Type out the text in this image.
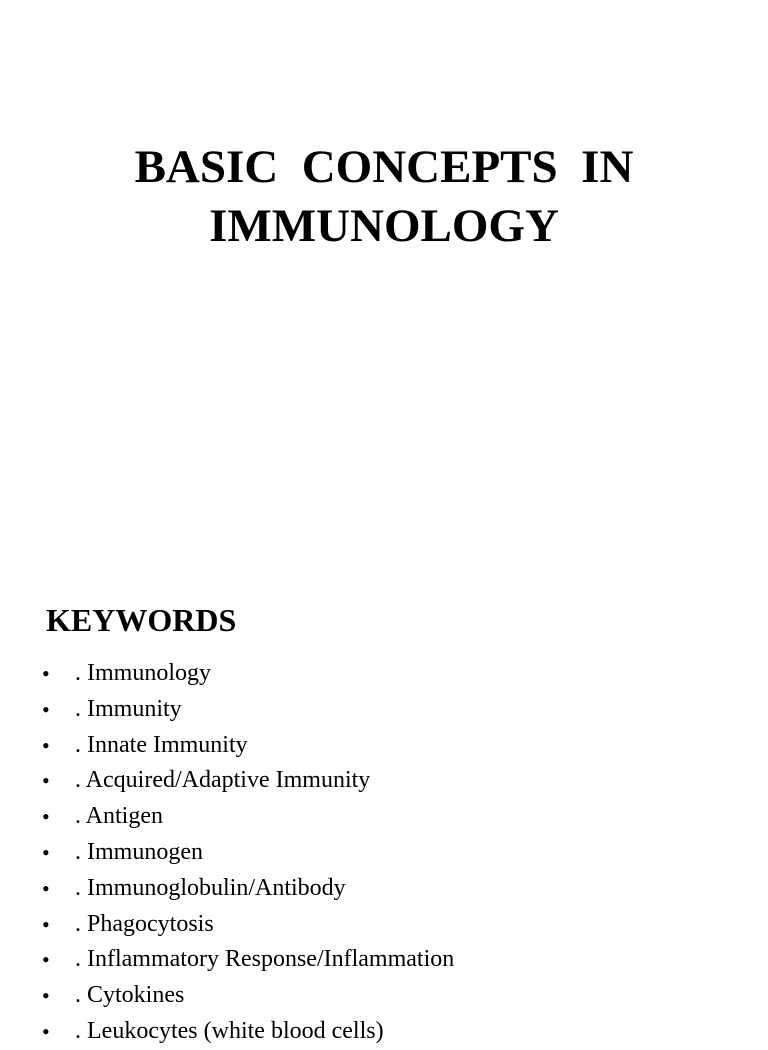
BASIC  CONCEPTS  IN
IMMUNOLOGY
KEYWORDS
• . Immunology
• . Immunity
• . Innate Immunity
• . Acquired/Adaptive Immunity
• . Antigen
• . Immunogen
• . Immunoglobulin/Antibody
• . Phagocytosis
• . Inflammatory Response/Inflammation
• . Cytokines
• . Leukocytes (white blood cells)
